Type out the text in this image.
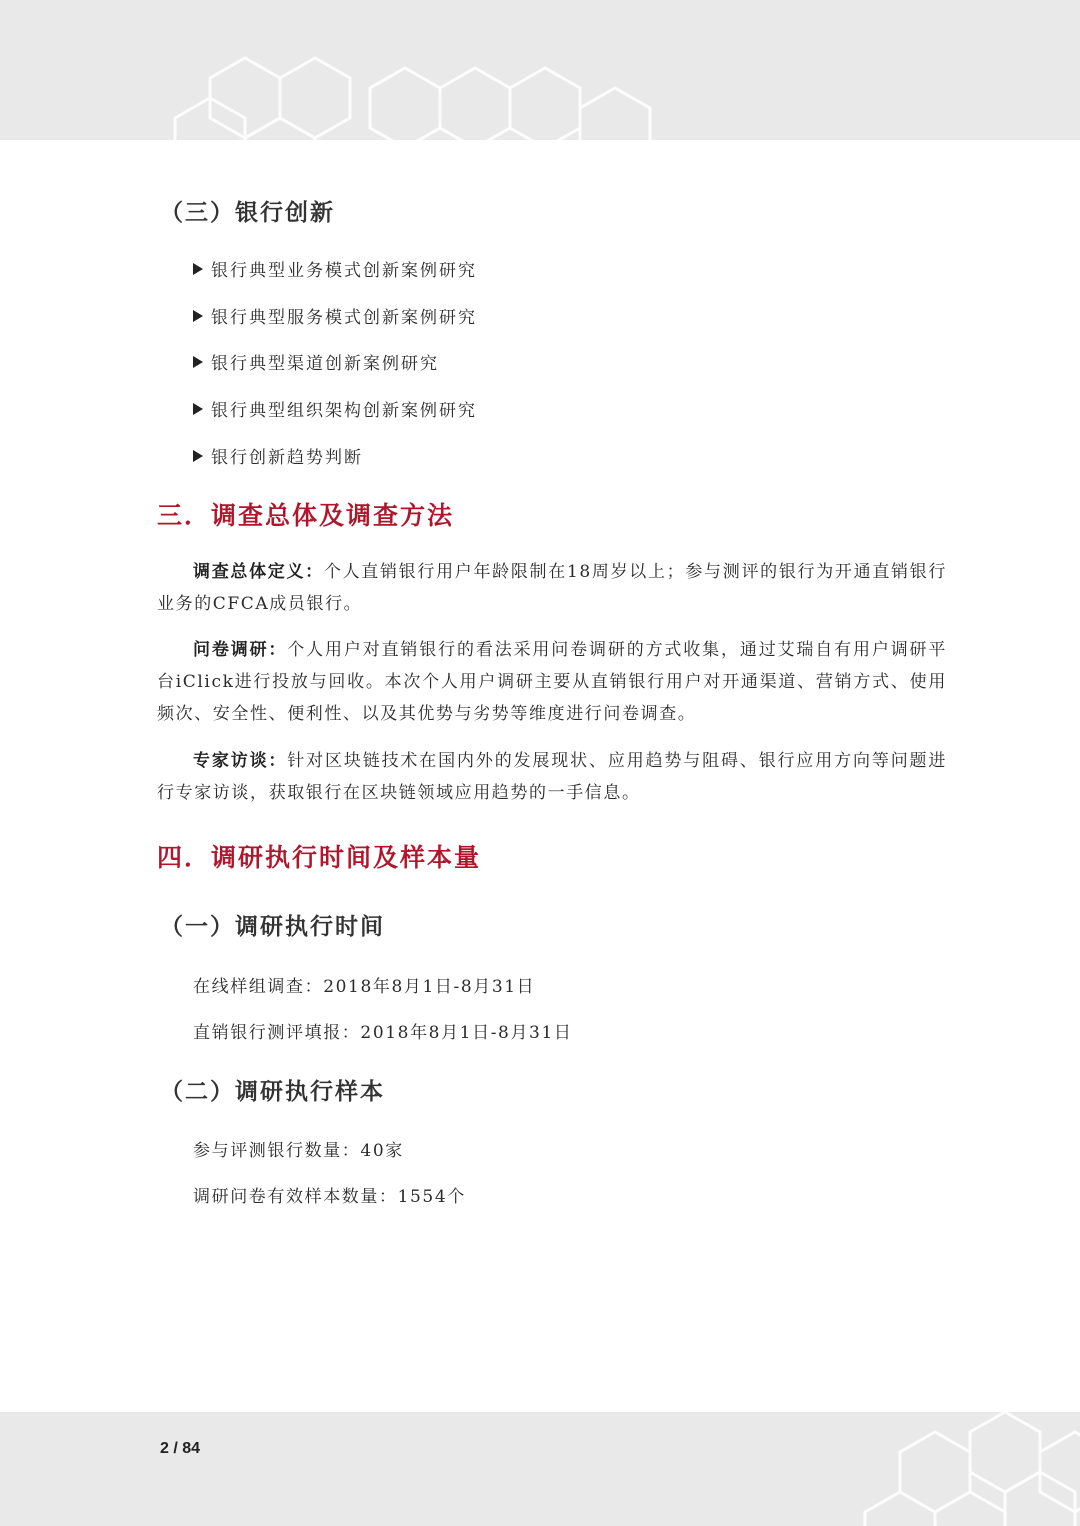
（三）银行创新
银行典型业务模式创新案例研究
银行典型服务模式创新案例研究
银行典型渠道创新案例研究
银行典型组织架构创新案例研究
银行创新趋势判断
三．调查总体及调查方法

调查总体定义：个人直销银行用户年龄限制在18周岁以上；参与测评的银行为开通直销银行业务的CFCA成员银行。

问卷调研：个人用户对直销银行的看法采用问卷调研的方式收集，通过艾瑞自有用户调研平台iClick进行投放与回收。本次个人用户调研主要从直销银行用户对开通渠道、营销方式、使用频次、安全性、便利性、以及其优势与劣势等维度进行问卷调查。

专家访谈：针对区块链技术在国内外的发展现状、应用趋势与阻碍、银行应用方向等问题进行专家访谈，获取银行在区块链领域应用趋势的一手信息。

四．调研执行时间及样本量
（一）调研执行时间
在线样组调查：2018年8月1日-8月31日
直销银行测评填报：2018年8月1日-8月31日
（二）调研执行样本
参与评测银行数量：40家
调研问卷有效样本数量：1554个
2 / 84
